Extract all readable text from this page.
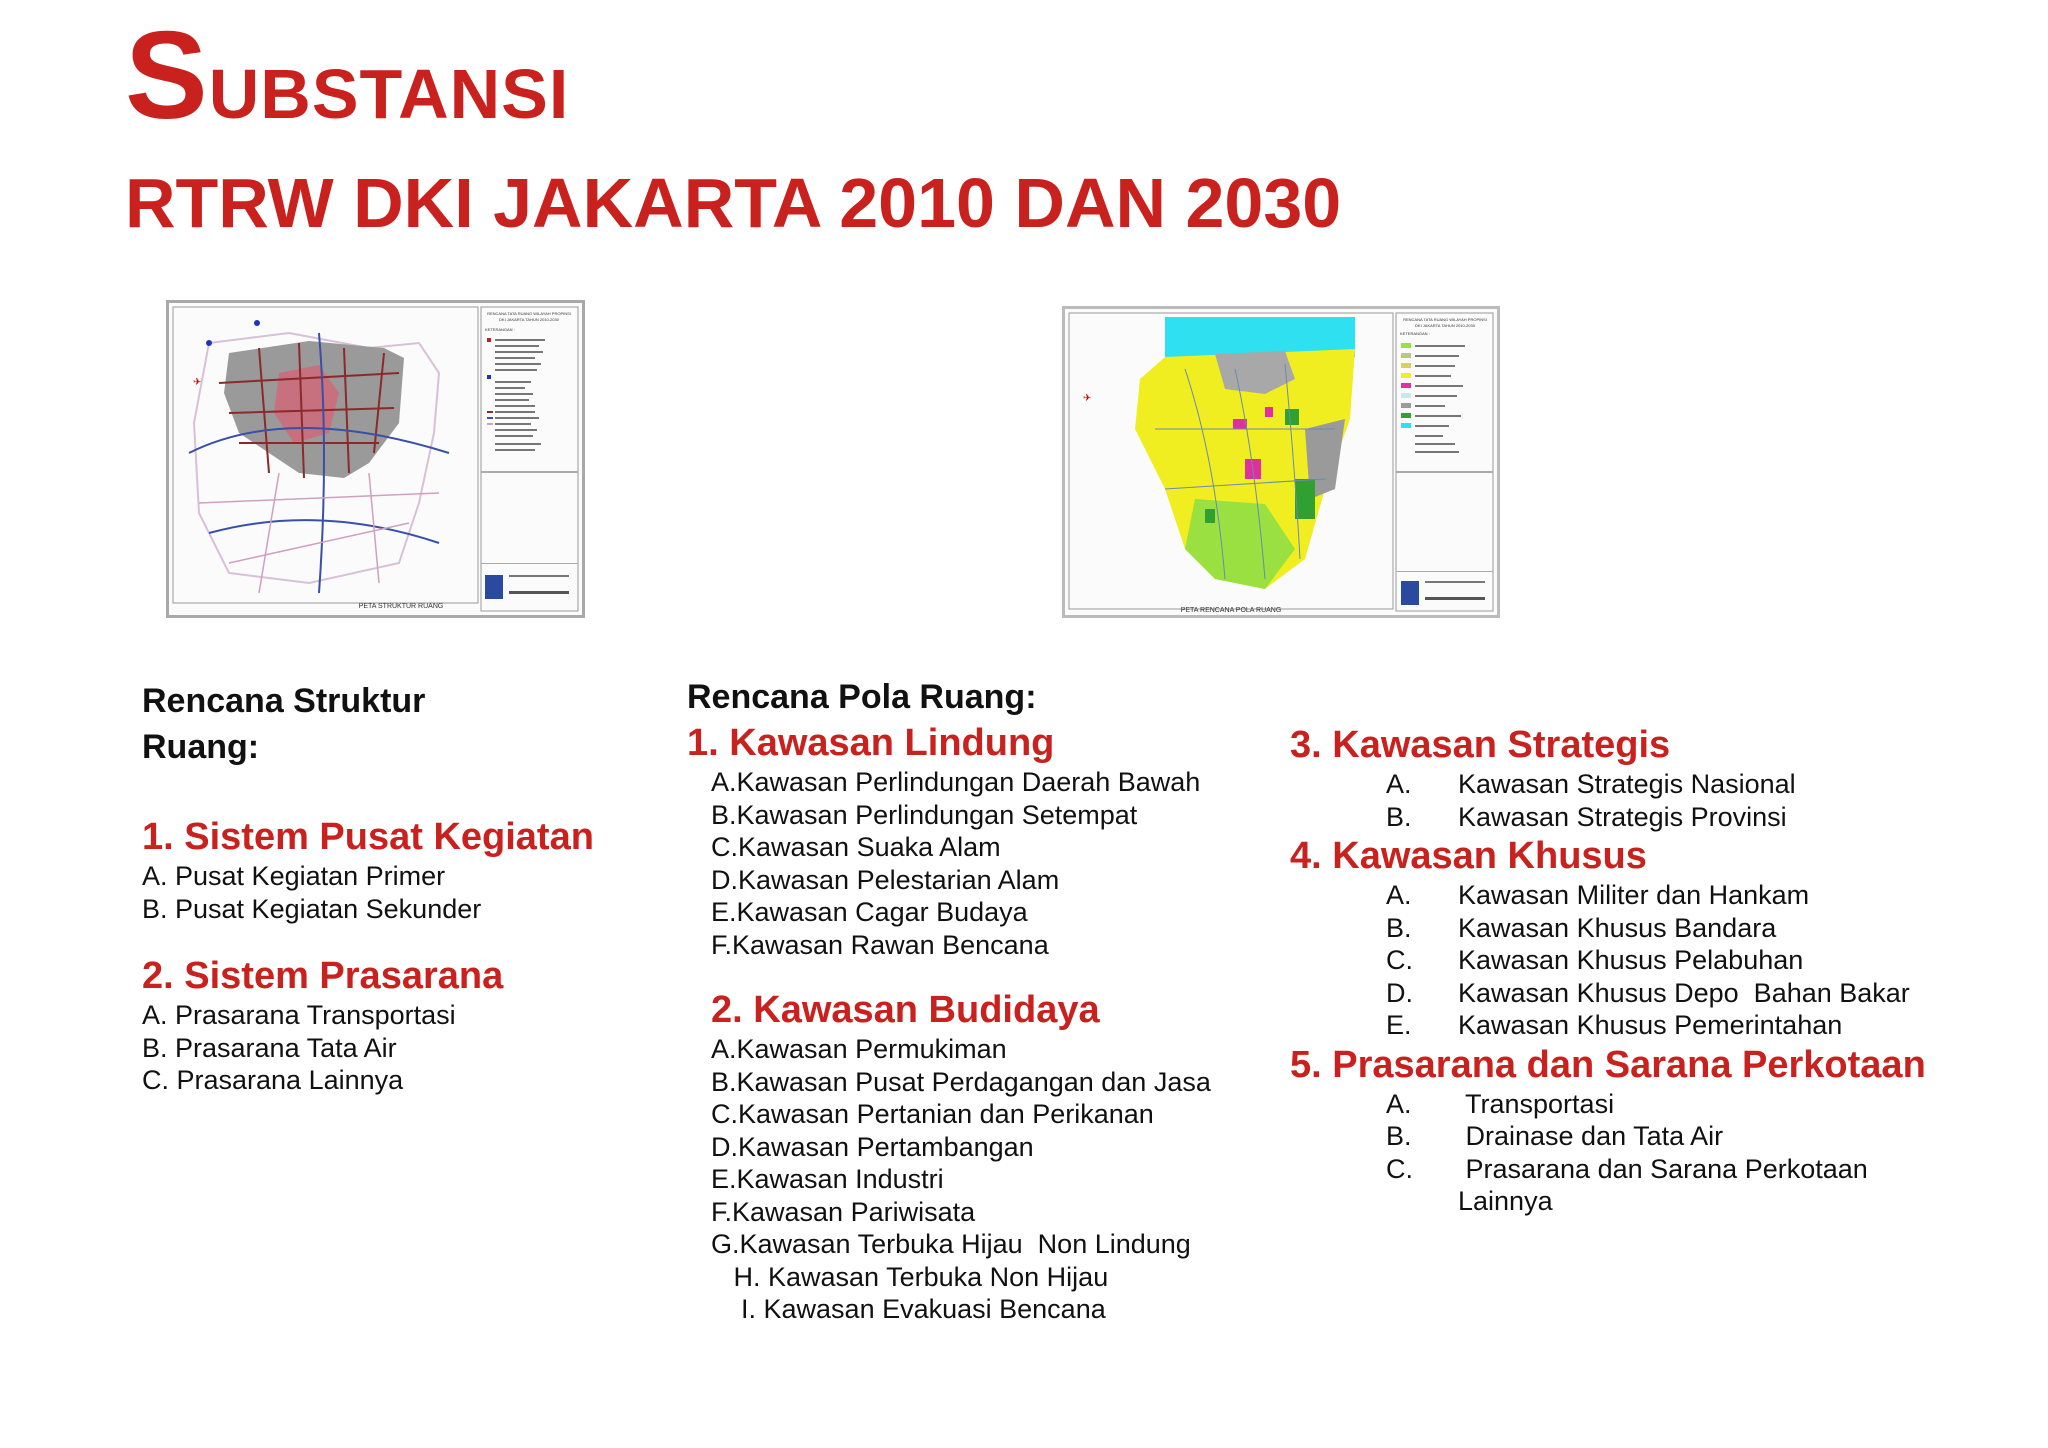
SUBSTANSI
RTRW DKI JAKARTA 2010 DAN 2030
✈
PETA STRUKTUR RUANG
RENCANA TATA RUANG WILAYAH PROPINSI
DKI JAKARTA TAHUN 2010-2030
KETERANGAN :
✈
PETA RENCANA POLA RUANG
RENCANA TATA RUANG WILAYAH PROPINSI
DKI JAKARTA TAHUN 2010-2030
KETERANGAN :
Rencana Struktur
Ruang:
1. Sistem Pusat Kegiatan
A. Pusat Kegiatan Primer
B. Pusat Kegiatan Sekunder
2. Sistem Prasarana
A. Prasarana Transportasi
B. Prasarana Tata Air
C. Prasarana Lainnya
Rencana Pola Ruang:
1. Kawasan Lindung
A.Kawasan Perlindungan Daerah Bawah
B.Kawasan Perlindungan Setempat
C.Kawasan Suaka Alam
D.Kawasan Pelestarian Alam
E.Kawasan Cagar Budaya
F.Kawasan Rawan Bencana
2. Kawasan Budidaya
A.Kawasan Permukiman
B.Kawasan Pusat Perdagangan dan Jasa
C.Kawasan Pertanian dan Perikanan
D.Kawasan Pertambangan
E.Kawasan Industri
F.Kawasan Pariwisata
G.Kawasan Terbuka Hijau  Non Lindung
H. Kawasan Terbuka Non Hijau
I. Kawasan Evakuasi Bencana
3. Kawasan Strategis
A.	Kawasan Strategis Nasional
B.	Kawasan Strategis Provinsi
4. Kawasan Khusus
A.	Kawasan Militer dan Hankam
B.	Kawasan Khusus Bandara
C.	Kawasan Khusus Pelabuhan
D.	Kawasan Khusus Depo  Bahan Bakar
E.	Kawasan Khusus Pemerintahan
5. Prasarana dan Sarana Perkotaan
A.	Transportasi
B.	Drainase dan Tata Air
C.	Prasarana dan Sarana Perkotaan
Lainnya
